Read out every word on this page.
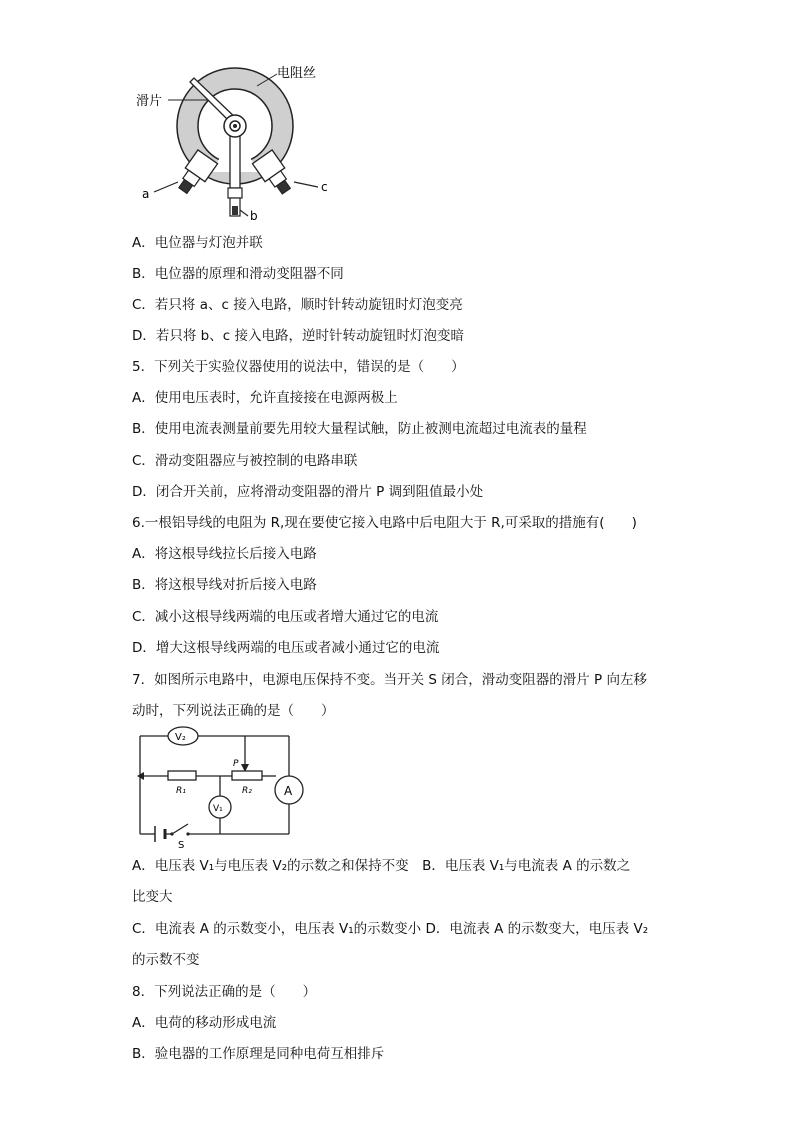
电阻丝
滑片
a
b
c
A．电位器与灯泡并联
B．电位器的原理和滑动变阻器不同
C．若只将 a、c 接入电路，顺时针转动旋钮时灯泡变亮
D．若只将 b、c 接入电路，逆时针转动旋钮时灯泡变暗
5．下列关于实验仪器使用的说法中，错误的是（　　）
A．使用电压表时，允许直接接在电源两极上
B．使用电流表测量前要先用较大量程试触，防止被测电流超过电流表的量程
C．滑动变阻器应与被控制的电路串联
D．闭合开关前，应将滑动变阻器的滑片 P 调到阻值最小处
6.一根铝导线的电阻为 R,现在要使它接入电路中后电阻大于 R,可采取的措施有(　　)
A．将这根导线拉长后接入电路
B．将这根导线对折后接入电路
C．减小这根导线两端的电压或者增大通过它的电流
D．增大这根导线两端的电压或者减小通过它的电流
7．如图所示电路中，电源电压保持不变。当开关 S 闭合，滑动变阻器的滑片 P 向左移
动时，下列说法正确的是（　　）
V₂
V₁
A
P
R₁	R₂
S
A．电压表 V₁与电压表 V₂的示数之和保持不变　B．电压表 V₁与电流表 A 的示数之
比变大
C．电流表 A 的示数变小，电压表 V₁的示数变小 D．电流表 A 的示数变大，电压表 V₂
的示数不变
8．下列说法正确的是（　　）
A．电荷的移动形成电流
B．验电器的工作原理是同种电荷互相排斥
